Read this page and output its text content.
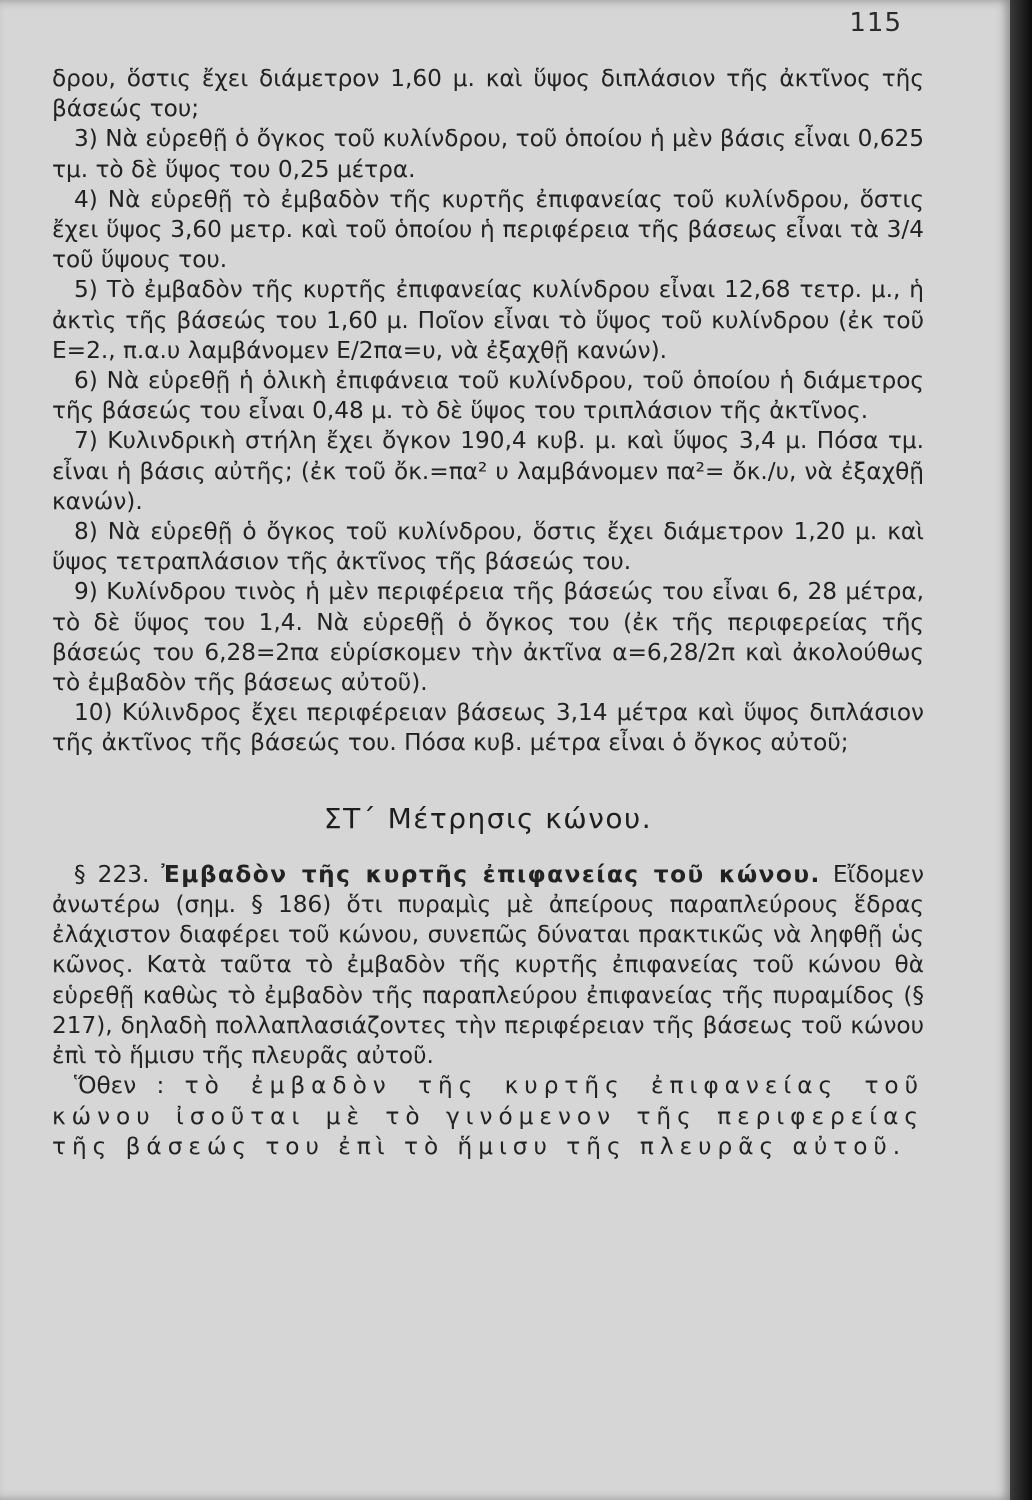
115

δρου, ὅστις ἔχει διάμετρον 1,60 μ. καὶ ὕψος διπλάσιον τῆς ἀκτῖνος τῆς βάσεώς του;

3) Νὰ εὑρεθῇ ὁ ὄγκος τοῦ κυλίνδρου, τοῦ ὁποίου ἡ μὲν βάσις εἶναι 0,625 τμ. τὸ δὲ ὕψος του 0,25 μέτρα.

4) Νὰ εὑρεθῇ τὸ ἐμβαδὸν τῆς κυρτῆς ἐπιφανείας τοῦ κυλίνδρου, ὅστις ἔχει ὕψος 3,60 μετρ. καὶ τοῦ ὁποίου ἡ περιφέρεια τῆς βάσεως εἶναι τὰ 3/4 τοῦ ὕψους του.

5) Τὸ ἐμβαδὸν τῆς κυρτῆς ἐπιφανείας κυλίνδρου εἶναι 12,68 τετρ. μ., ἡ ἀκτὶς τῆς βάσεώς του 1,60 μ. Ποῖον εἶναι τὸ ὕψος τοῦ κυλίνδρου (ἐκ τοῦ Ε=2., π.α.υ λαμβάνομεν Ε/2πα=υ, νὰ ἐξαχθῇ κανών).

6) Νὰ εὑρεθῇ ἡ ὁλικὴ ἐπιφάνεια τοῦ κυλίνδρου, τοῦ ὁποίου ἡ διάμετρος τῆς βάσεώς του εἶναι 0,48 μ. τὸ δὲ ὕψος του τριπλάσιον τῆς ἀκτῖνος.

7) Κυλινδρικὴ στήλη ἔχει ὄγκον 190,4 κυβ. μ. καὶ ὕψος 3,4 μ. Πόσα τμ. εἶναι ἡ βάσις αὐτῆς; (ἐκ τοῦ ὄκ.=πα² υ λαμβάνομεν πα²= ὄκ./υ, νὰ ἐξαχθῇ κανών).

8) Νὰ εὑρεθῇ ὁ ὄγκος τοῦ κυλίνδρου, ὅστις ἔχει διάμετρον 1,20 μ. καὶ ὕψος τετραπλάσιον τῆς ἀκτῖνος τῆς βάσεώς του.

9) Κυλίνδρου τινὸς ἡ μὲν περιφέρεια τῆς βάσεώς του εἶναι 6, 28 μέτρα, τὸ δὲ ὕψος του 1,4. Νὰ εὑρεθῇ ὁ ὄγκος του (ἐκ τῆς περιφερείας τῆς βάσεώς του 6,28=2πα εὑρίσκομεν τὴν ἀκτῖνα α=6,28/2π καὶ ἀκολούθως τὸ ἐμβαδὸν τῆς βάσεως αὐτοῦ).

10) Κύλινδρος ἔχει περιφέρειαν βάσεως 3,14 μέτρα καὶ ὕψος διπλάσιον τῆς ἀκτῖνος τῆς βάσεώς του. Πόσα κυβ. μέτρα εἶναι ὁ ὄγκος αὐτοῦ;

ΣΤ΄ Μέτρησις κώνου.

§ 223. Ἐμβαδὸν τῆς κυρτῆς ἐπιφανείας τοῦ κώνου. Εἴδομεν ἀνωτέρω (σημ. § 186) ὅτι πυραμὶς μὲ ἀπείρους παραπλεύρους ἕδρας ἐλάχιστον διαφέρει τοῦ κώνου, συνεπῶς δύναται πρακτικῶς νὰ ληφθῇ ὡς κῶνος. Κατὰ ταῦτα τὸ ἐμβαδὸν τῆς κυρτῆς ἐπιφανείας τοῦ κώνου θὰ εὑρεθῇ καθὼς τὸ ἐμβαδὸν τῆς παραπλεύρου ἐπιφανείας τῆς πυραμίδος (§ 217), δηλαδὴ πολλαπλασιάζοντες τὴν περιφέρειαν τῆς βάσεως τοῦ κώνου ἐπὶ τὸ ἥμισυ τῆς πλευρᾶς αὐτοῦ.

Ὅθεν : τὸ ἐμβαδὸν τῆς κυρτῆς ἐπιφανείας τοῦ κώνου ἰσοῦται μὲ τὸ γινόμενον τῆς περιφερείας τῆς βάσεώς του ἐπὶ τὸ ἥμισυ τῆς πλευρᾶς αὐτοῦ.
